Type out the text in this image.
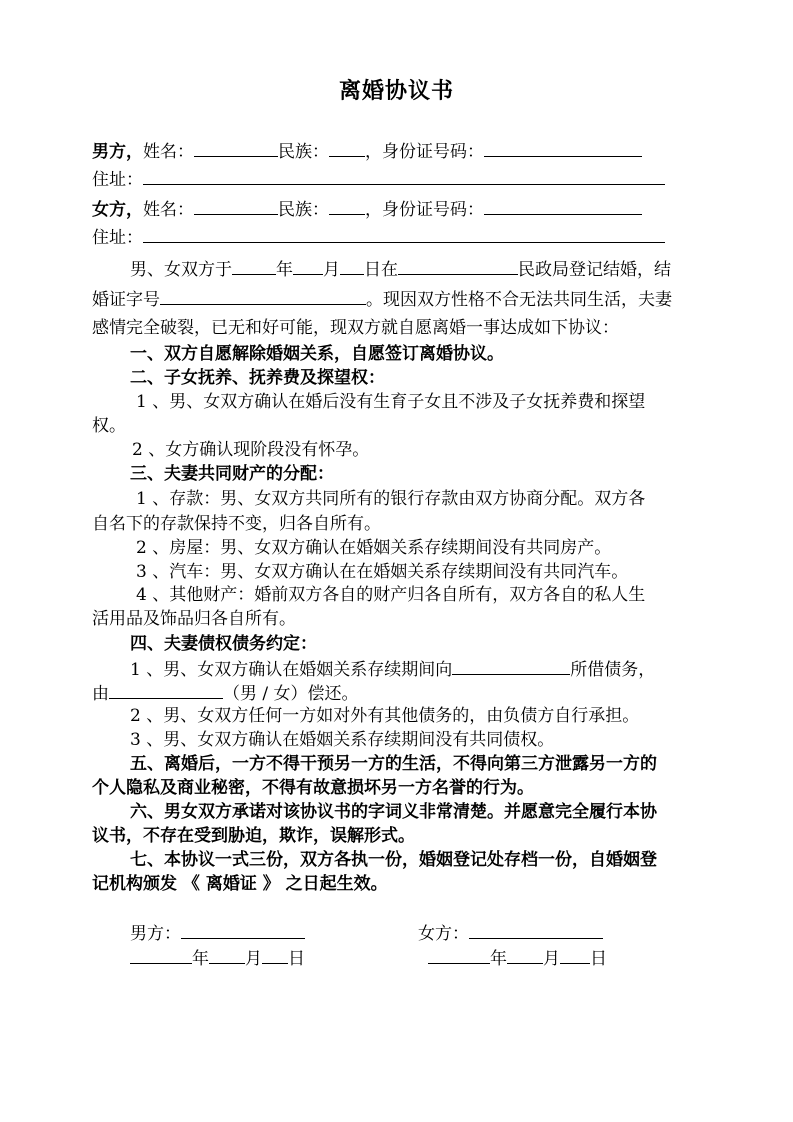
离婚协议书
男方，姓名：	民族： ，身份证号码：
住址：
女方，姓名：	民族： ，身份证号码：
住址：
男、女双方于	年 月 日在	民政局登记结婚，结
婚证字号	。现因双方性格不合无法共同生活，夫妻
感情完全破裂，已无和好可能，现双方就自愿离婚一事达成如下协议：
一、双方自愿解除婚姻关系，自愿签订离婚协议。
二、子女抚养、抚养费及探望权：
1 、男、女双方确认在婚后没有生育子女且不涉及子女抚养费和探望
权。
2 、女方确认现阶段没有怀孕。
三、夫妻共同财产的分配：
1 、存款：男、女双方共同所有的银行存款由双方协商分配。双方各
自名下的存款保持不变，归各自所有。
2 、房屋：男、女双方确认在婚姻关系存续期间没有共同房产。
3 、汽车：男、女双方确认在在婚姻关系存续期间没有共同汽车。
4 、其他财产：婚前双方各自的财产归各自所有，双方各自的私人生
活用品及饰品归各自所有。
四、夫妻债权债务约定：
1 、男、女双方确认在婚姻关系存续期间向	所借债务，
由	（男 / 女）偿还。
2 、男、女双方任何一方如对外有其他债务的，由负债方自行承担。
3 、男、女双方确认在婚姻关系存续期间没有共同债权。
五、离婚后，一方不得干预另一方的生活，不得向第三方泄露另一方的
个人隐私及商业秘密，不得有故意损坏另一方名誉的行为。
六、男女双方承诺对该协议书的字词义非常清楚。并愿意完全履行本协
议书，不存在受到胁迫，欺诈，误解形式。
七、本协议一式三份，双方各执一份，婚姻登记处存档一份，自婚姻登
记机构颁发 《 离婚证 》 之日起生效。
男方：	女方：
年 月 日	年 月 日
